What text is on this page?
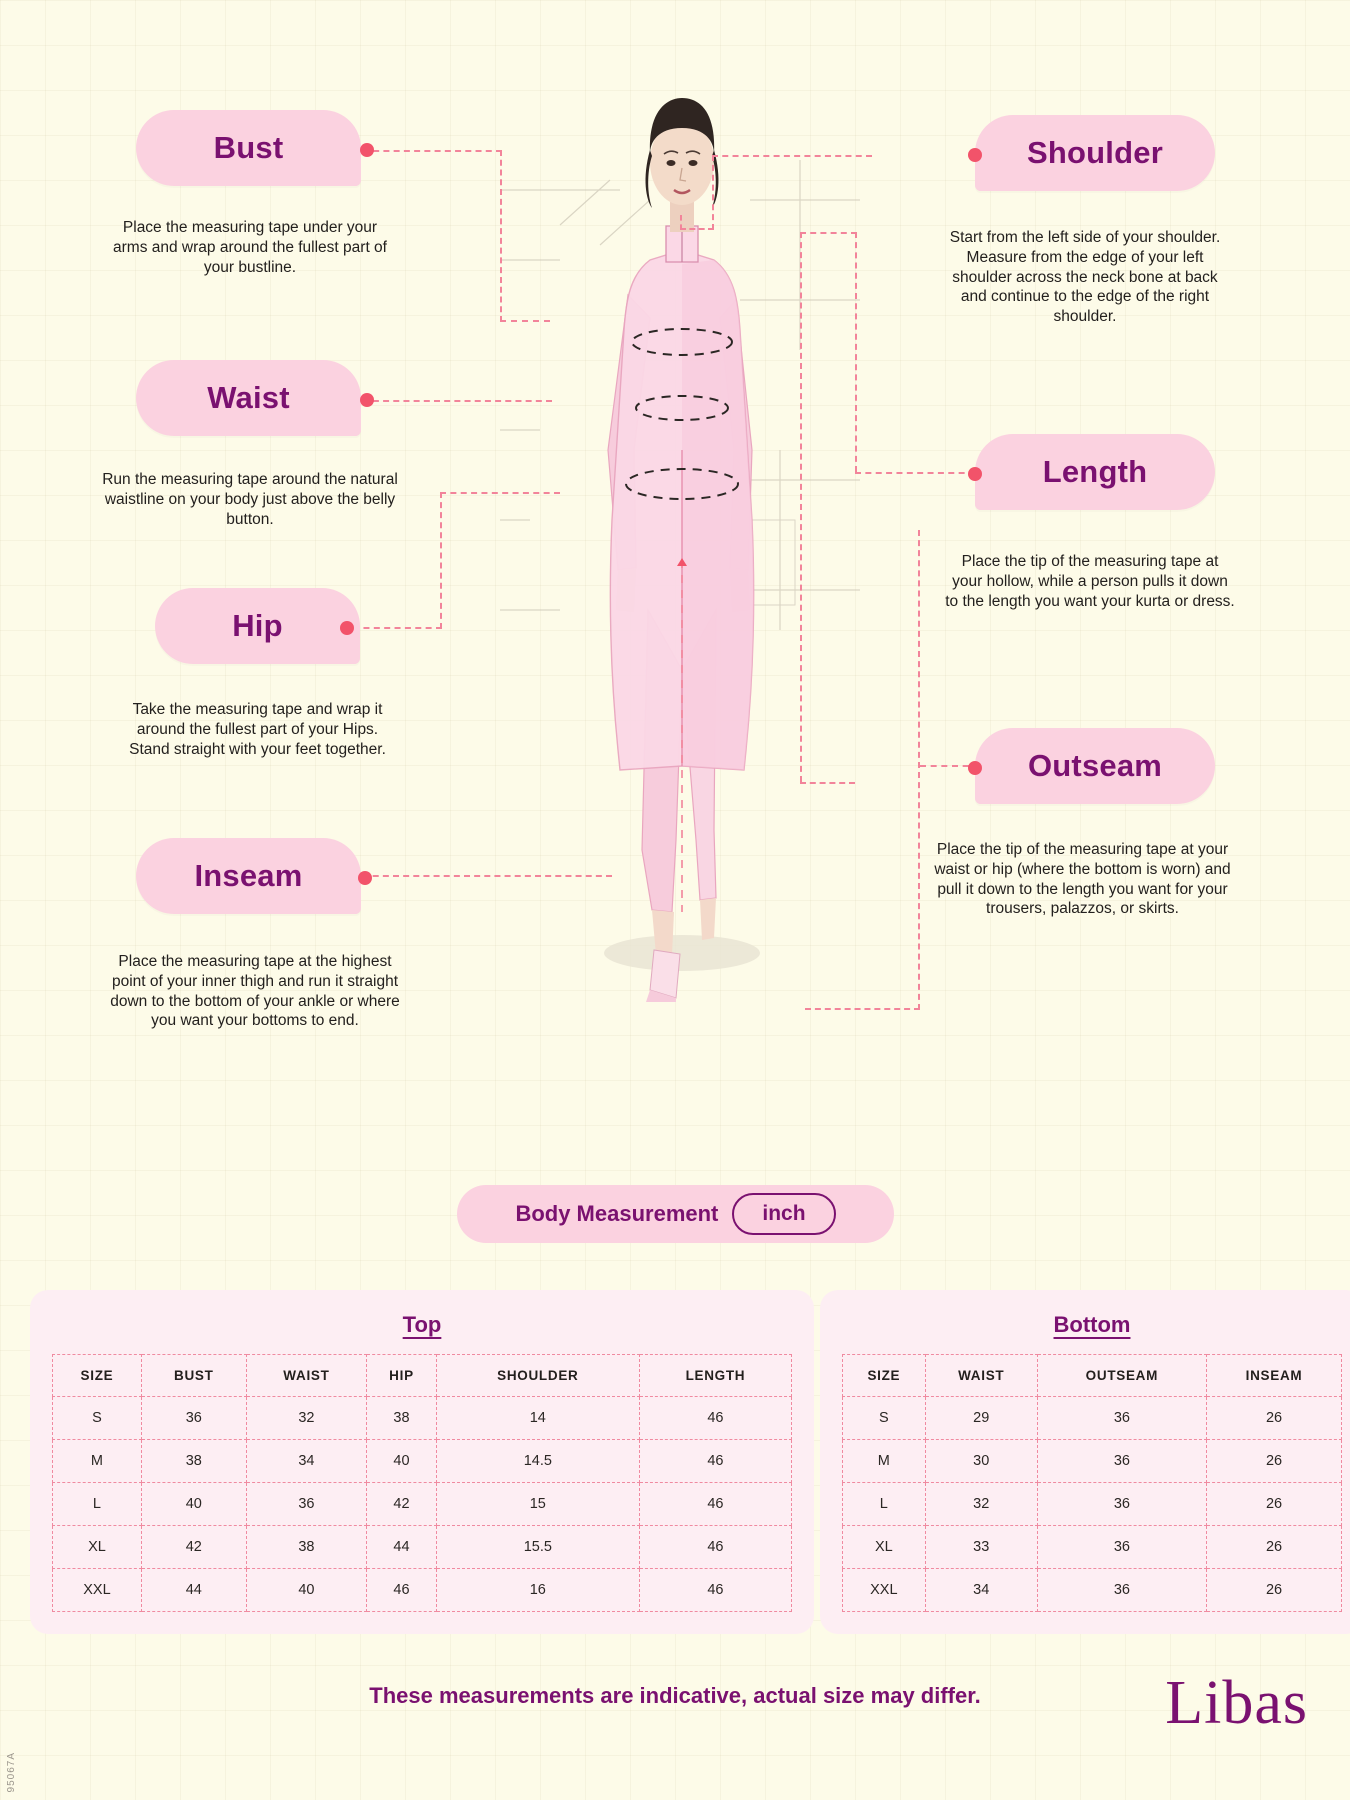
Bust
Place the measuring tape under your arms and wrap around the fullest part of your bustline.
Waist
Run the measuring tape around the natural waistline on your body just above the belly button.
Hip
Take the measuring tape and wrap it around the fullest part of your Hips. Stand straight with your feet together.
Inseam
Place the measuring tape at the highest point of your inner thigh and run it straight down to the bottom of your ankle or where you want your bottoms to end.
Shoulder
Start from the left side of your shoulder. Measure from the edge of your left shoulder across the neck bone at back and continue to the edge of the right shoulder.
Length
Place the tip of the measuring tape at your hollow, while a person pulls it down to the length you want your kurta or dress.
Outseam
Place the tip of the measuring tape at your waist or hip (where the bottom is worn) and pull it down to the length you want for your trousers, palazzos, or skirts.
Body Measurement	inch
Top
SIZE	BUST	WAIST	HIP	SHOULDER	LENGTH
S	36	32	38	14	46
M	38	34	40	14.5	46
L	40	36	42	15	46
XL	42	38	44	15.5	46
XXL	44	40	46	16	46
Bottom
SIZE	WAIST	OUTSEAM	INSEAM
S	29	36	26
M	30	36	26
L	32	36	26
XL	33	36	26
XXL	34	36	26
These measurements are indicative, actual size may differ.	Libas
95067A
